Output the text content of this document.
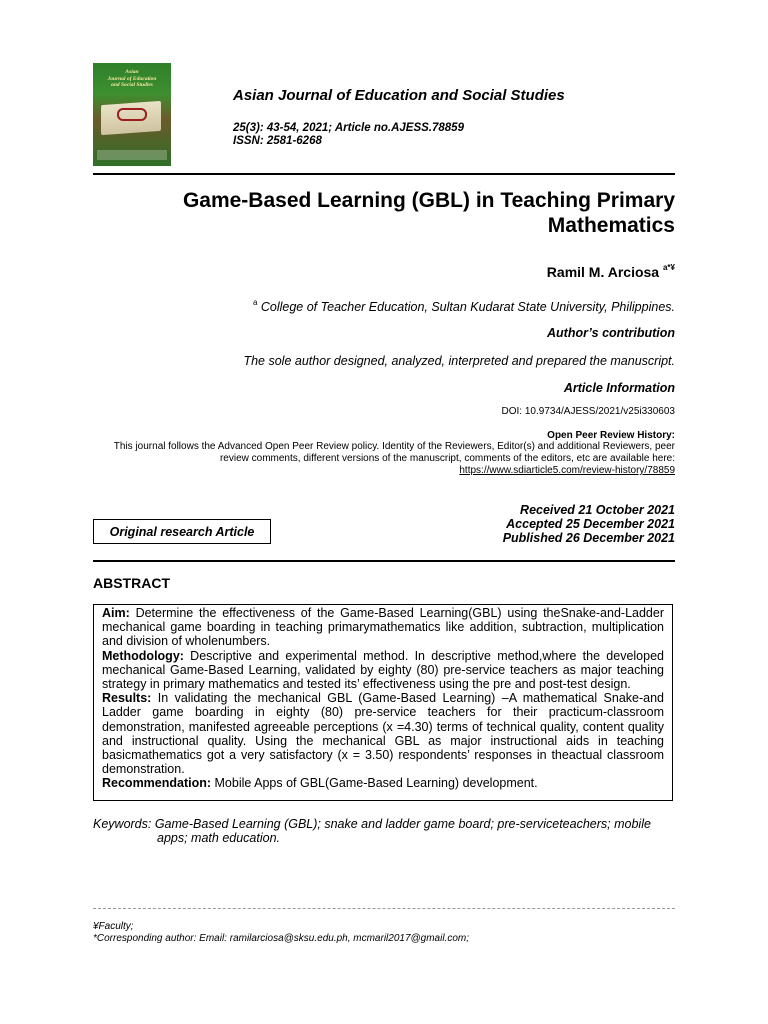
Asian
Journal of Education
and Social Studies
Asian Journal of Education and Social Studies
25(3): 43-54, 2021; Article no.AJESS.78859
ISSN: 2581-6268
Game-Based Learning (GBL) in Teaching Primary
Mathematics
Ramil M. Arciosa $^{a*¥}$
$^a$ College of Teacher Education, Sultan Kudarat State University, Philippines.
Author’s contribution
The sole author designed, analyzed, interpreted and prepared the manuscript.
Article Information
DOI: 10.9734/AJESS/2021/v25i330603
Open Peer Review History:
This journal follows the Advanced Open Peer Review policy. Identity of the Reviewers, Editor(s) and additional Reviewers, peer
review comments, different versions of the manuscript, comments of the editors, etc are available here:
https://www.sdiarticle5.com/review-history/78859
Received 21 October 2021
Accepted 25 December 2021
Published 26 December 2021
Original research Article
ABSTRACT

Aim: Determine the effectiveness of the Game-Based Learning(GBL) using theSnake-and-Ladder mechanical game boarding in teaching primarymathematics like addition, subtraction, multiplication and division of wholenumbers.

Methodology: Descriptive and experimental method. In descriptive method,where the developed mechanical Game-Based Learning, validated by eighty (80) pre-service teachers as major teaching strategy in primary mathematics and tested its’ effectiveness using the pre and post-test design.

Results: In validating the mechanical GBL (Game-Based Learning) –A mathematical Snake-and Ladder game boarding in eighty (80) pre-service teachers for their practicum-classroom demonstration, manifested agreeable perceptions (x =4.30) terms of technical quality, content quality and instructional quality. Using the mechanical GBL as major instructional aids in teaching basicmathematics got a very satisfactory (x = 3.50) respondents’ responses in theactual classroom demonstration.

Recommendation: Mobile Apps of GBL(Game-Based Learning) development.

Keywords: Game-Based Learning (GBL); snake and ladder game board; pre-serviceteachers; mobile
apps; math education.
¥Faculty;
*Corresponding author: Email: ramilarciosa@sksu.edu.ph, mcmaril2017@gmail.com;
